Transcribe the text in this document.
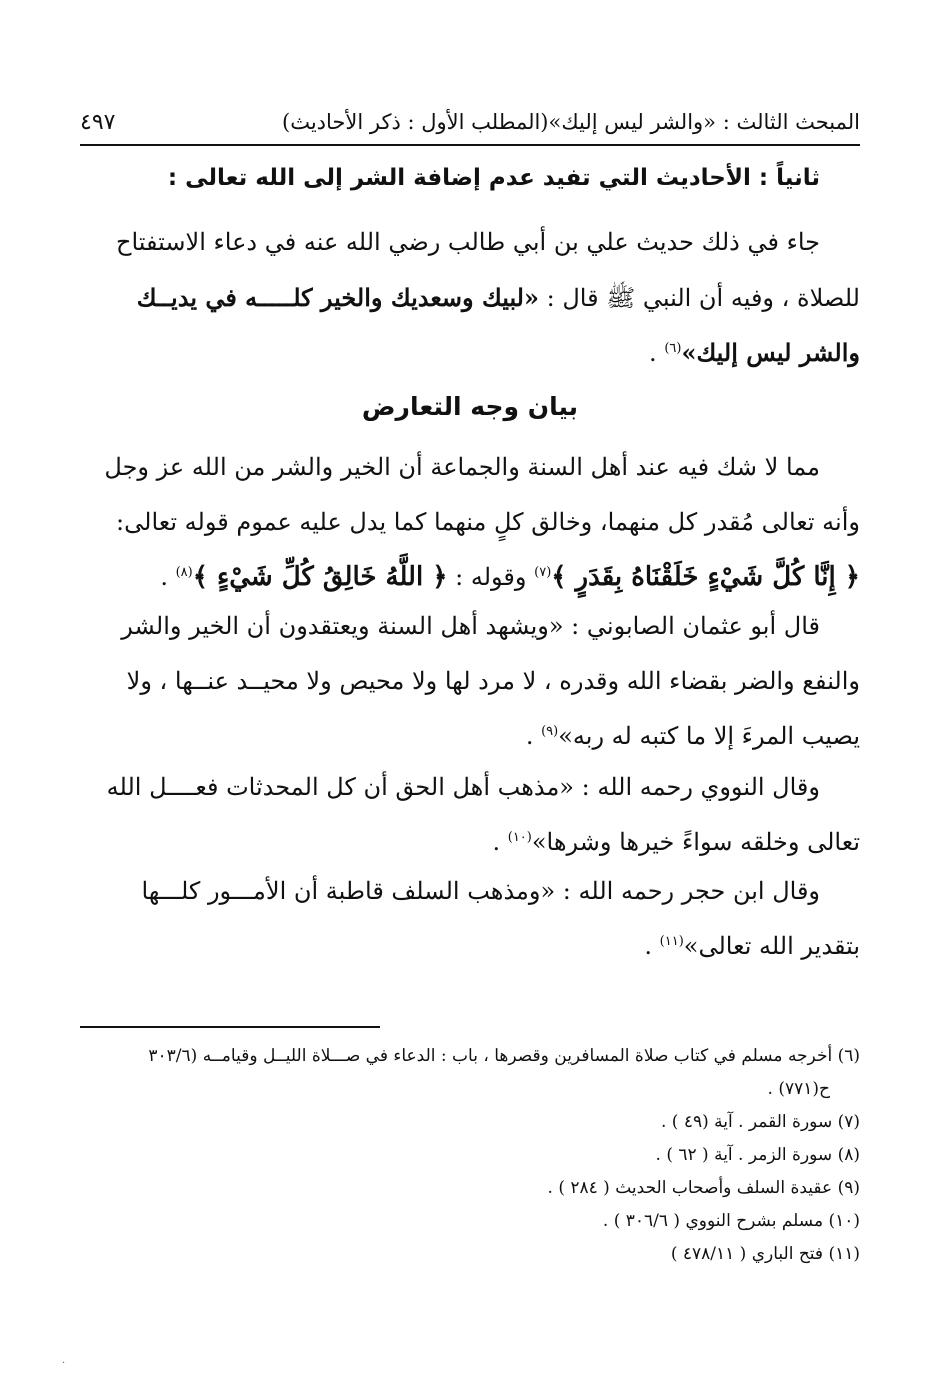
المبحث الثالث : «والشر ليس إليك»(المطلب الأول : ذكر الأحاديث)
٤٩٧
ثانياً : الأحاديث التي تفيد عدم إضافة الشر إلى الله تعالى :
جاء في ذلك حديث علي بن أبي طالب رضي الله عنه في دعاء الاستفتاح
للصلاة ، وفيه أن النبي ﷺ قال : «لبيك وسعديك والخير كلـــــه في يديــك
والشر ليس إليك»$^{(٦)}$ .
بيان وجه التعارض
مما لا شك فيه عند أهل السنة والجماعة أن الخير والشر من الله عز وجل
وأنه تعالى مُقدر كل منهما، وخالق كلٍ منهما كما يدل عليه عموم قوله تعالى:
﴿ إِنَّا كُلَّ شَيْءٍ خَلَقْنَاهُ بِقَدَرٍ ﴾$^{(٧)}$ وقوله : ﴿ اللَّهُ خَالِقُ كُلِّ شَيْءٍ ﴾$^{(٨)}$ .
قال أبو عثمان الصابوني : «ويشهد أهل السنة ويعتقدون أن الخير والشر
والنفع والضر بقضاء الله وقدره ، لا مرد لها ولا محيص ولا محيــد عنــها ، ولا
يصيب المرءَ إلا ما كتبه له ربه»$^{(٩)}$ .
وقال النووي رحمه الله : «مذهب أهل الحق أن كل المحدثات فعــــل الله
تعالى وخلقه سواءً خيرها وشرها»$^{(١٠)}$ .
وقال ابن حجر رحمه الله : «ومذهب السلف قاطبة أن الأمـــور كلـــها
بتقدير الله تعالى»$^{(١١)}$ .
(٦) أخرجه مسلم في كتاب صلاة المسافرين وقصرها ، باب : الدعاء في صـــلاة الليــل وقيامــه (٣٠٣/٦
ح(٧٧١) .
(٧) سورة القمر . آية (٤٩ ) .
(٨) سورة الزمر . آية ( ٦٢ ) .
(٩) عقيدة السلف وأصحاب الحديث ( ٢٨٤ ) .
(١٠) مسلم بشرح النووي ( ٣٠٦/٦ ) .
(١١) فتح الباري ( ٤٧٨/١١ )
·
